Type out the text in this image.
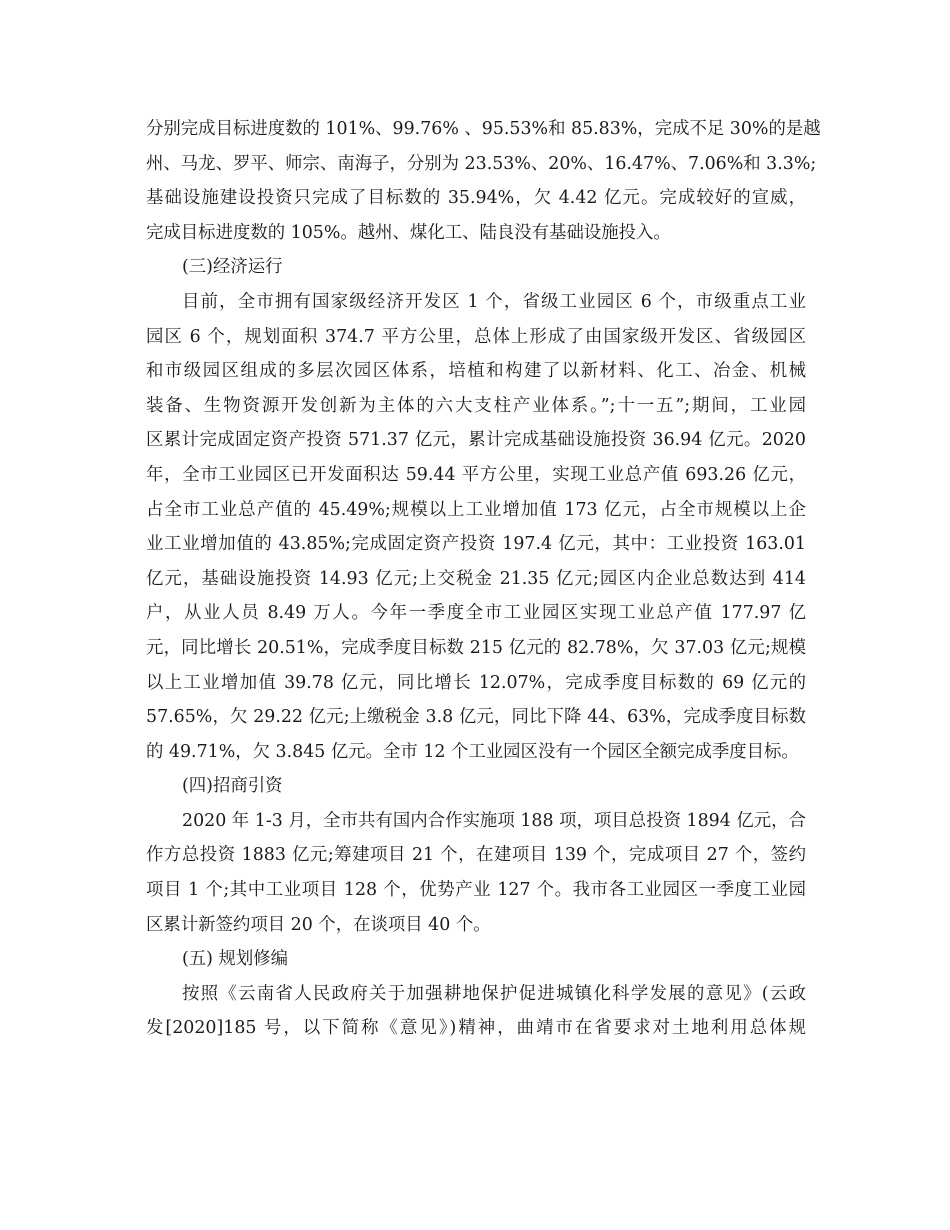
分别完成目标进度数的 101%、99.76% 、95.53%和 85.83%，完成不足 30%的是越

州、马龙、罗平、师宗、南海子，分别为 23.53%、20%、16.47%、7.06%和 3.3%;

基础设施建设投资只完成了目标数的 35.94%，欠 4.42 亿元。完成较好的宣威，

完成目标进度数的 105%。越州、煤化工、陆良没有基础设施投入。

(三)经济运行

目前，全市拥有国家级经济开发区 1 个，省级工业园区 6 个，市级重点工业

园区 6 个，规划面积 374.7 平方公里，总体上形成了由国家级开发区、省级园区

和市级园区组成的多层次园区体系，培植和构建了以新材料、化工、冶金、机械

装备、生物资源开发创新为主体的六大支柱产业体系。”;十一五”;期间，工业园

区累计完成固定资产投资 571.37 亿元，累计完成基础设施投资 36.94 亿元。2020

年，全市工业园区已开发面积达 59.44 平方公里，实现工业总产值 693.26 亿元，

占全市工业总产值的 45.49%;规模以上工业增加值 173 亿元，占全市规模以上企

业工业增加值的 43.85%;完成固定资产投资 197.4 亿元，其中：工业投资 163.01

亿元，基础设施投资 14.93 亿元;上交税金 21.35 亿元;园区内企业总数达到 414

户，从业人员 8.49 万人。今年一季度全市工业园区实现工业总产值 177.97 亿

元，同比增长 20.51%，完成季度目标数 215 亿元的 82.78%，欠 37.03 亿元;规模

以上工业增加值 39.78 亿元，同比增长 12.07%，完成季度目标数的 69 亿元的

57.65%，欠 29.22 亿元;上缴税金 3.8 亿元，同比下降 44、63%，完成季度目标数

的 49.71%，欠 3.845 亿元。全市 12 个工业园区没有一个园区全额完成季度目标。

(四)招商引资

2020 年 1-3 月，全市共有国内合作实施项 188 项，项目总投资 1894 亿元，合

作方总投资 1883 亿元;筹建项目 21 个，在建项目 139 个，完成项目 27 个，签约

项目 1 个;其中工业项目 128 个，优势产业 127 个。我市各工业园区一季度工业园

区累计新签约项目 20 个，在谈项目 40 个。

(五) 规划修编

按照《云南省人民政府关于加强耕地保护促进城镇化科学发展的意见》(云政

发[2020]185 号，以下简称《意见》)精神，曲靖市在省要求对土地利用总体规
